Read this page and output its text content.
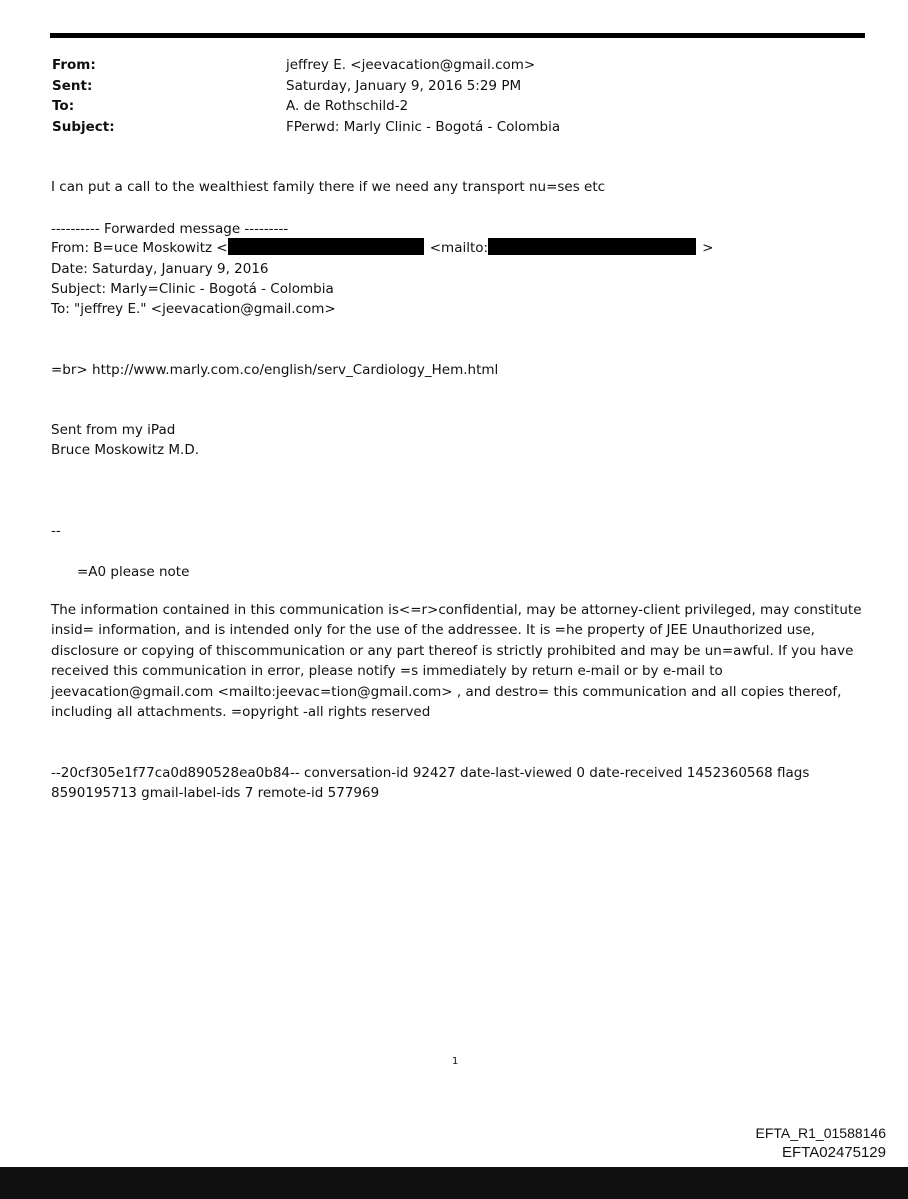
From:	jeffrey E. <jeevacation@gmail.com>
Sent:	Saturday, January 9, 2016 5:29 PM
To:	A. de Rothschild-2
Subject:	FPerwd: Marly Clinic - Bogotá - Colombia
I can put a call to the wealthiest family there if we need any transport nu=ses etc
---------- Forwarded message ---------
From: B=uce Moskowitz <	<mailto:	>
Date: Saturday, January 9, 2016
Subject: Marly=Clinic - Bogotá - Colombia
To: "jeffrey E." <jeevacation@gmail.com>
=br> http://www.marly.com.co/english/serv_Cardiology_Hem.html
Sent from my iPad
Bruce Moskowitz M.D.
--
=A0 please note
The information contained in this communication is<=r>confidential, may be attorney-client privileged, may constitute
insid= information, and is intended only for the use of the addressee. It is =he property of JEE Unauthorized use,
disclosure or copying of thiscommunication or any part thereof is strictly prohibited and may be un=awful. If you have
received this communication in error, please notify =s immediately by return e-mail or by e-mail to
jeevacation@gmail.com <mailto:jeevac=tion@gmail.com> , and destro= this communication and all copies thereof,
including all attachments. =opyright -all rights reserved
--20cf305e1f77ca0d890528ea0b84-- conversation-id 92427 date-last-viewed 0 date-received 1452360568 flags
8590195713 gmail-label-ids 7 remote-id 577969
1
EFTA_R1_01588146
EFTA02475129
